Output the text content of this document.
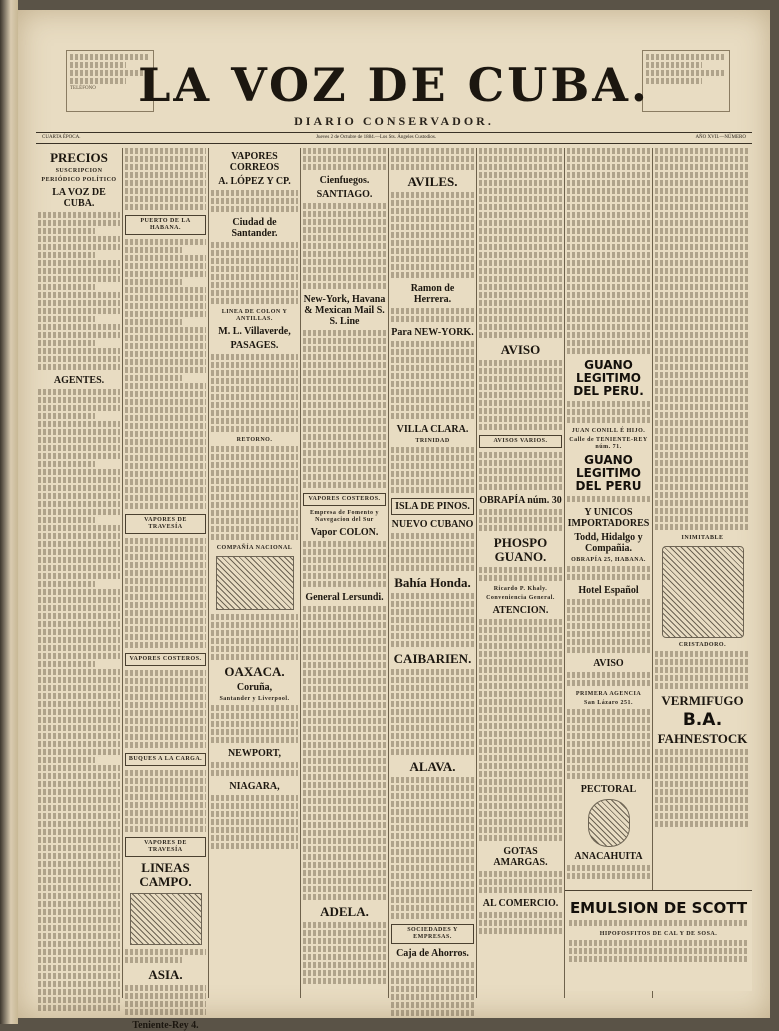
TELÉFONO LA VOZ DE CUBA.
DIARIO CONSERVADOR.
CUARTA ÉPOCA.	Jueves 2 de Octubre de 1884.—Los Sts. Ángeles Custodios.	AÑO XVII.—NÚMERO
PRECIOS
SUSCRIPCION
PERIÓDICO POLÍTICO
LA VOZ DE CUBA.
AGENTES.
PUERTO DE LA HABANA.
VAPORES DE TRAVESÍA
VAPORES COSTEROS.
BUQUES A LA CARGA.
VAPORES DE TRAVESÍA
LINEAS CAMPO.
ASIA.
Teniente-Rey 4.
VAPORES CORREOS
A. LÓPEZ Y CP.
Ciudad de Santander.
LINEA DE COLON Y ANTILLAS.
M. L. Villaverde,
PASAGES.
RETORNO.
COMPAÑÍA NACIONAL
OAXACA.
Coruña,
Santander y Liverpool.
NEWPORT,
NIAGARA,
Cienfuegos.
SANTIAGO.
New-York, Havana & Mexican Mail S. S. Line
VAPORES COSTEROS.
Empresa de Fomento y Navegacion del Sur
Vapor COLON.
General Lersundi.
ADELA.
AVILES.
Ramon de Herrera.
Para NEW-YORK.
VILLA CLARA.
TRINIDAD
ISLA DE PINOS.
NUEVO CUBANO
Bahía Honda.
CAIBARIEN.
ALAVA.
SOCIEDADES Y EMPRESAS.
Caja de Ahorros.
AVISO
AVISOS VARIOS.
OBRAPÍA núm. 30
PHOSPO GUANO.
Ricardo P. Khaly.
Conveniencia General.
ATENCION.
GOTAS AMARGAS.
AL COMERCIO.
GUANO LEGITIMO DEL PERU.
JUAN CONILL É HIJO.
Calle de TENIENTE-REY núm. 71.
GUANO LEGITIMO DEL PERU
Y UNICOS IMPORTADORES
Todd, Hidalgo y Compañia.
OBRAPÍA 25, HABANA.
Hotel Español
AVISO
PRIMERA AGENCIA
San Lázaro 251.
PECTORAL
ANACAHUITA
INIMITABLE
CRISTADORO.
VERMIFUGO
B.A.
FAHNESTOCK
EMULSION DE SCOTT
HIPOFOSFITOS DE CAL Y DE SOSA.
